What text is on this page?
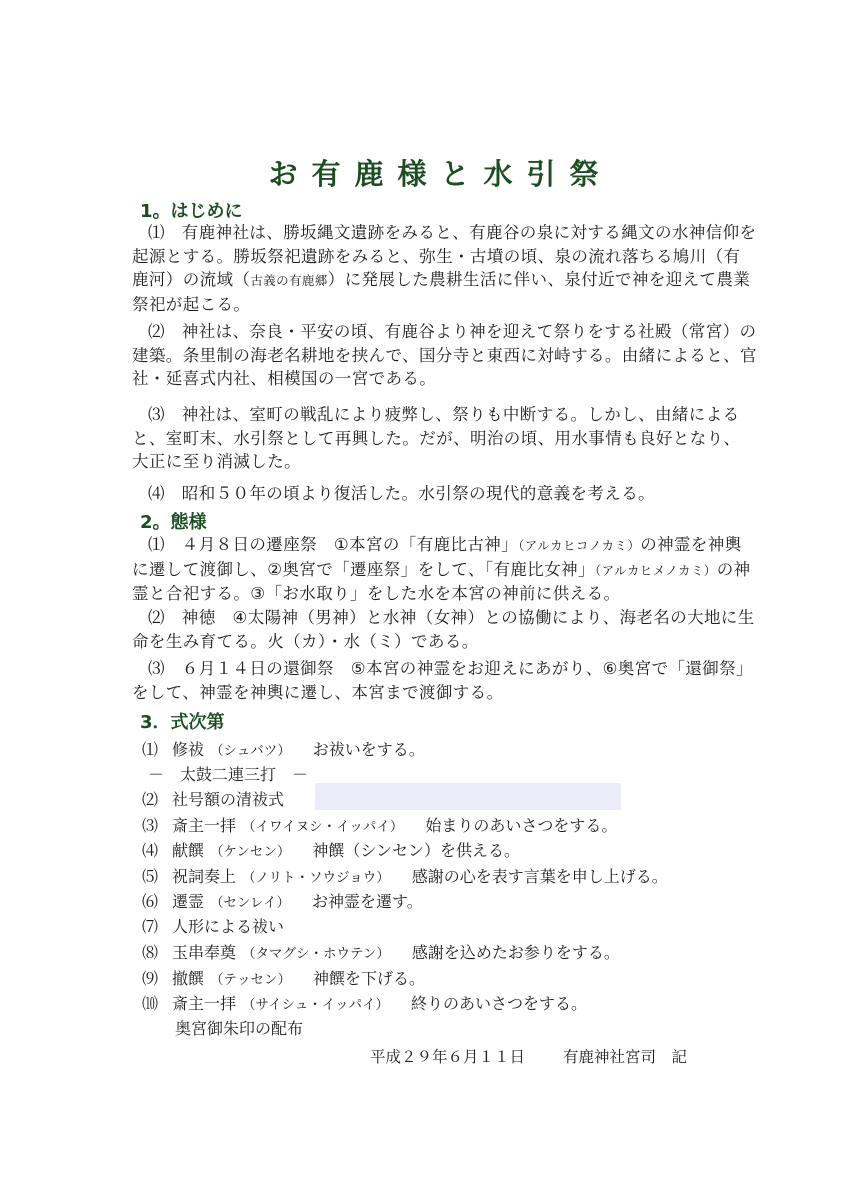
お有鹿様と水引祭
1。はじめに
⑴　有鹿神社は、勝坂縄文遺跡をみると、有鹿谷の泉に対する縄文の水神信仰を起源とする。勝坂祭祀遺跡をみると、弥生・古墳の頃、泉の流れ落ちる鳩川（有鹿河）の流域（古義の有鹿郷）に発展した農耕生活に伴い、泉付近で神を迎えて農業祭祀が起こる。
⑵　神社は、奈良・平安の頃、有鹿谷より神を迎えて祭りをする社殿（常宮）の建築。条里制の海老名耕地を挟んで、国分寺と東西に対峙する。由緒によると、官社・延喜式内社、相模国の一宮である。
⑶　神社は、室町の戦乱により疲弊し、祭りも中断する。しかし、由緒によると、室町末、水引祭として再興した。だが、明治の頃、用水事情も良好となり、大正に至り消滅した。
⑷　昭和５０年の頃より復活した。水引祭の現代的意義を考える。
2。態様
⑴　４月８日の遷座祭　①本宮の「有鹿比古神」（アルカヒコノカミ）の神霊を神輿に遷して渡御し、②奥宮で「遷座祭」をして、「有鹿比女神」（アルカヒメノカミ）の神霊と合祀する。③「お水取り」をした水を本宮の神前に供える。
⑵　神徳　④太陽神（男神）と水神（女神）との協働により、海老名の大地に生命を生み育てる。火（カ）・水（ミ）である。
⑶　６月１４日の還御祭　⑤本宮の神霊をお迎えにあがり、⑥奥宮で「還御祭」をして、神霊を神輿に遷し、本宮まで渡御する。
3．式次第
⑴ 修祓 （シュバツ） お祓いをする。
－　太鼓二連三打　－
⑵ 社号額の清祓式
⑶ 斎主一拝 （イワイヌシ・イッパイ） 始まりのあいさつをする。
⑷ 献饌 （ケンセン） 神饌（シンセン）を供える。
⑸ 祝詞奏上 （ノリト・ソウジョウ） 感謝の心を表す言葉を申し上げる。
⑹ 遷霊 （センレイ） お神霊を遷す。
⑺ 人形による祓い
⑻ 玉串奉奠 （タマグシ・ホウテン） 感謝を込めたお参りをする。
⑼ 撤饌 （テッセン） 神饌を下げる。
⑽ 斎主一拝 （サイシュ・イッパイ） 終りのあいさつをする。
奥宮御朱印の配布
平成２９年６月１１日 有鹿神社宮司　記
